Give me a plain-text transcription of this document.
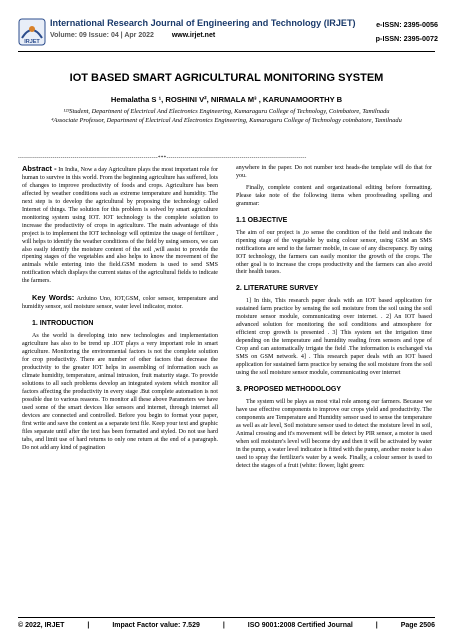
IRJET
International Research Journal of Engineering and Technology (IRJET)
Volume: 09 Issue: 04 | Apr 2022	www.irjet.net
e-ISSN: 2395-0056
p-ISSN: 2395-0072
IOT BASED SMART AGRICULTURAL MONITORING SYSTEM
Hemalatha S ¹, ROSHINI V², NIRMALA M³ , KARUNAMOORTHY B
¹²³Student, Department of Electrical And Electronics Engineering, Kumaraguru College of Technology, Coimbatore, Tamilnadu
⁴Associate Professor, Department of Electrical And Electronics Engineering, Kumaraguru College of Technology coimbatore, Tamilnadu
---------------------------------------------------------------------***---------------------------------------------------------------------

Abstract - In India, Now a day Agriculture plays the most important role for human to survive in this world. From the beginning agriculture has suffered, lots of changes to improve productivity of foods and crops. Agriculture has been affected by weather conditions such as extreme temperature and humidity. The next step is to develop the agricultural by proposing the technology called Internet of things. The solution for this problem is solved by smart agriculture monitoring system using IOT. IOT technology is the complete solution to increase the productivity of crops in agriculture. The main advantage of this project is to implement the IOT technology will optimize the usage of fertilizer , will helps to identify the weather conditions of the field by using sensors, we can also easily identify the moisture content of the soil ,will assist to provide the ripening stages of the vegetables and also helps to know the movement of the animals while entering into the field.GSM modem is used to send SMS notification which displays the current status of the agricultural fields to indicate the farmers.

Key Words: Arduino Uno, IOT,GSM, color sensor, temperature and humidity sensor, soil moisture sensor, water level indicator, motor.

1. INTRODUCTION

As the world is developing into new technologies and implementation agriculture has also to be trend up .IOT plays a very important role in smart agriculture. Monitoring the environmental factors is not the complete solution for crop productivity. There are number of other factors that decrease the productivity to the greater IOT helps in assembling of information such as climate humidity, temperature, animal intrusion, fruit maturity stage. To provide solutions to all such problems develop an integrated system which monitor all factors affecting the productivity in every stage .But complete automation is not possible due to various reasons. To monitor all these above Parameters we have used some of the smart devices like sensors and internet, through internet all devices are connected and controlled. Before you begin to format your paper, first write and save the content as a separate text file. Keep your text and graphic files separate until after the text has been formatted and styled. Do not use hard tabs, and limit use of hard returns to only one return at the end of a paragraph. Do not add any kind of pagination

anywhere in the paper. Do not number text heads-the template will do that for you.

Finally, complete content and organizational editing before formatting. Please take note of the following items when proofreading spelling and grammar:

1.1 OBJECTIVE

The aim of our project is ,to sense the condition of the field and indicate the ripening stage of the vegetable by using colour sensor, using GSM an SMS notifications are send to the farmer mobile, in case of any discrepancy. By using IOT technology, the farmers can easily monitor the growth of the crops. The other goal is to increase the crops productivity and the farmers can also avoid their health issues.

2. LITERATURE SURVEY

1] In this, This research paper deals with an IOT based application for sustained farm practice by sensing the soil moisture from the soil using the soil moisture sensor module, communicating over internet. . 2] An IOT based advanced solution for monitoring the soil conditions and atmosphere for efficient crop growth is presented . 3] This system set the irrigation time depending on the temperature and humidity reading from sensors and type of Crop and can automatically irrigate the field .The information is exchanged via SMS on GSM network. 4] . This research paper deals with an IOT based application for sustained farm practice by sensing the soil moisture from the soil using the soil moisture sensor module, communicating over internet

3. PROPOSED METHODOLOGY

The system will be plays as most vital role among our farmers. Because we have use effective components to improve our crops yield and productivity. The components are Temperature and Humidity sensor used to sense the temperature as well as air level, Soil moisture sensor used to detect the moisture level in soil, Animal crossing and it's movement will be detect by PIR sensor, a motor is used when soil moisture's level will become dry and then it will be activated by water in the pump, a water level indicator is fitted with the pump, another motor is also used to spray the fertilizer's water by a week. Finally, a colour sensor is used to detect the stages of a fruit (white: flower, light green:

© 2022, IRJET	|	Impact Factor value: 7.529	|	ISO 9001:2008 Certified Journal	|	Page 2506
